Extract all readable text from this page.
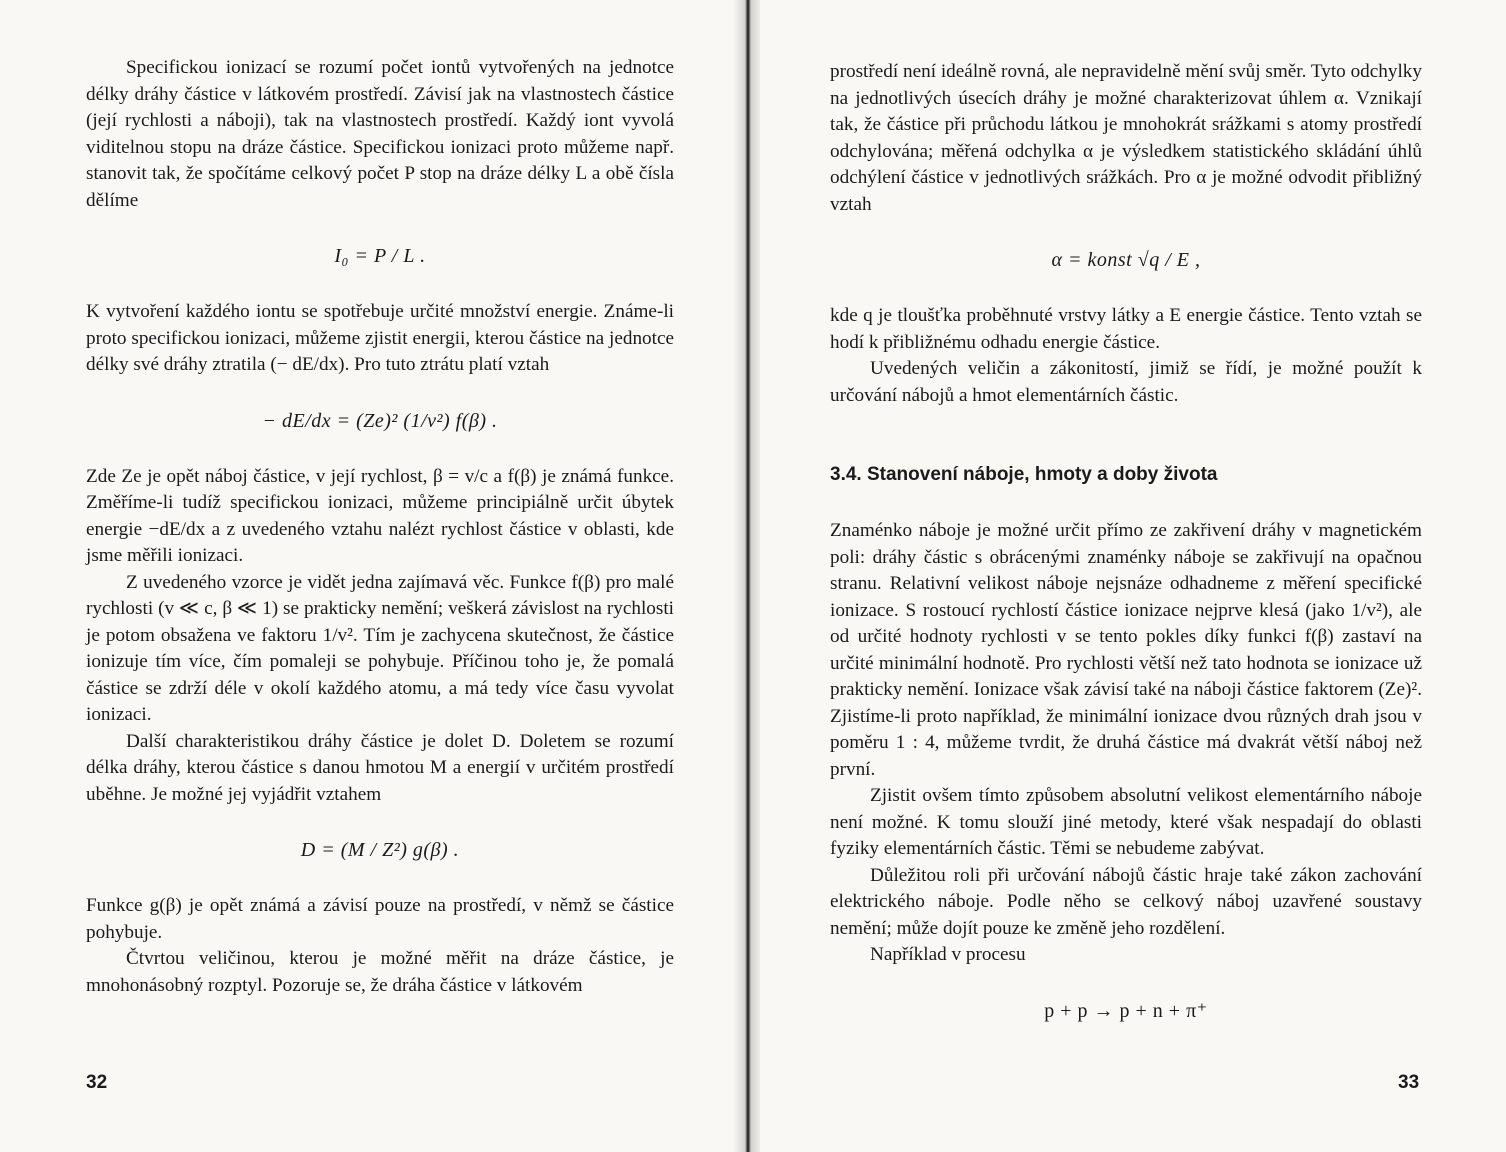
Specifickou ionizací se rozumí počet iontů vytvořených na jednotce délky dráhy částice v látkovém prostředí. Závisí jak na vlastnostech částice (její rychlosti a náboji), tak na vlastnostech prostředí. Každý iont vyvolá viditelnou stopu na dráze částice. Specifickou ionizaci proto můžeme např. stanovit tak, že spočítáme celkový počet P stop na dráze délky L a obě čísla dělíme

I₀ = P / L .

K vytvoření každého iontu se spotřebuje určité množství energie. Známe-li proto specifickou ionizaci, můžeme zjistit energii, kterou částice na jednotce délky své dráhy ztratila (− dE/dx). Pro tuto ztrátu platí vztah

− dE/dx = (Ze)² (1/v²) f(β) .

Zde Ze je opět náboj částice, v její rychlost, β = v/c a f(β) je známá funkce. Změříme-li tudíž specifickou ionizaci, můžeme principiálně určit úbytek energie −dE/dx a z uvedeného vztahu nalézt rychlost částice v oblasti, kde jsme měřili ionizaci.

Z uvedeného vzorce je vidět jedna zajímavá věc. Funkce f(β) pro malé rychlosti (v ≪ c, β ≪ 1) se prakticky nemění; veškerá závislost na rychlosti je potom obsažena ve faktoru 1/v². Tím je zachycena skutečnost, že částice ionizuje tím více, čím pomaleji se pohybuje. Příčinou toho je, že pomalá částice se zdrží déle v okolí každého atomu, a má tedy více času vyvolat ionizaci.

Další charakteristikou dráhy částice je dolet D. Doletem se rozumí délka dráhy, kterou částice s danou hmotou M a energií v určitém prostředí uběhne. Je možné jej vyjádřit vztahem

D = (M / Z²) g(β) .

Funkce g(β) je opět známá a závisí pouze na prostředí, v němž se částice pohybuje.

Čtvrtou veličinou, kterou je možné měřit na dráze částice, je mnohonásobný rozptyl. Pozoruje se, že dráha částice v látkovém

32

prostředí není ideálně rovná, ale nepravidelně mění svůj směr. Tyto odchylky na jednotlivých úsecích dráhy je možné charakterizovat úhlem α. Vznikají tak, že částice při průchodu látkou je mnohokrát srážkami s atomy prostředí odchylována; měřená odchylka α je výsledkem statistického skládání úhlů odchýlení částice v jednotlivých srážkách. Pro α je možné odvodit přibližný vztah

α = konst √q / E ,

kde q je tloušťka proběhnuté vrstvy látky a E energie částice. Tento vztah se hodí k přibližnému odhadu energie částice.

Uvedených veličin a zákonitostí, jimiž se řídí, je možné použít k určování nábojů a hmot elementárních částic.

3.4. Stanovení náboje, hmoty a doby života

Znaménko náboje je možné určit přímo ze zakřivení dráhy v magnetickém poli: dráhy částic s obrácenými znaménky náboje se zakřivují na opačnou stranu. Relativní velikost náboje nejsnáze odhadneme z měření specifické ionizace. S rostoucí rychlostí částice ionizace nejprve klesá (jako 1/v²), ale od určité hodnoty rychlosti v se tento pokles díky funkci f(β) zastaví na určité minimální hodnotě. Pro rychlosti větší než tato hodnota se ionizace už prakticky nemění. Ionizace však závisí také na náboji částice faktorem (Ze)². Zjistíme-li proto například, že minimální ionizace dvou různých drah jsou v poměru 1 : 4, můžeme tvrdit, že druhá částice má dvakrát větší náboj než první.

Zjistit ovšem tímto způsobem absolutní velikost elementárního náboje není možné. K tomu slouží jiné metody, které však nespadají do oblasti fyziky elementárních částic. Těmi se nebudeme zabývat.

Důležitou roli při určování nábojů částic hraje také zákon zachování elektrického náboje. Podle něho se celkový náboj uzavřené soustavy nemění; může dojít pouze ke změně jeho rozdělení.

Například v procesu

p + p → p + n + π⁺
33
